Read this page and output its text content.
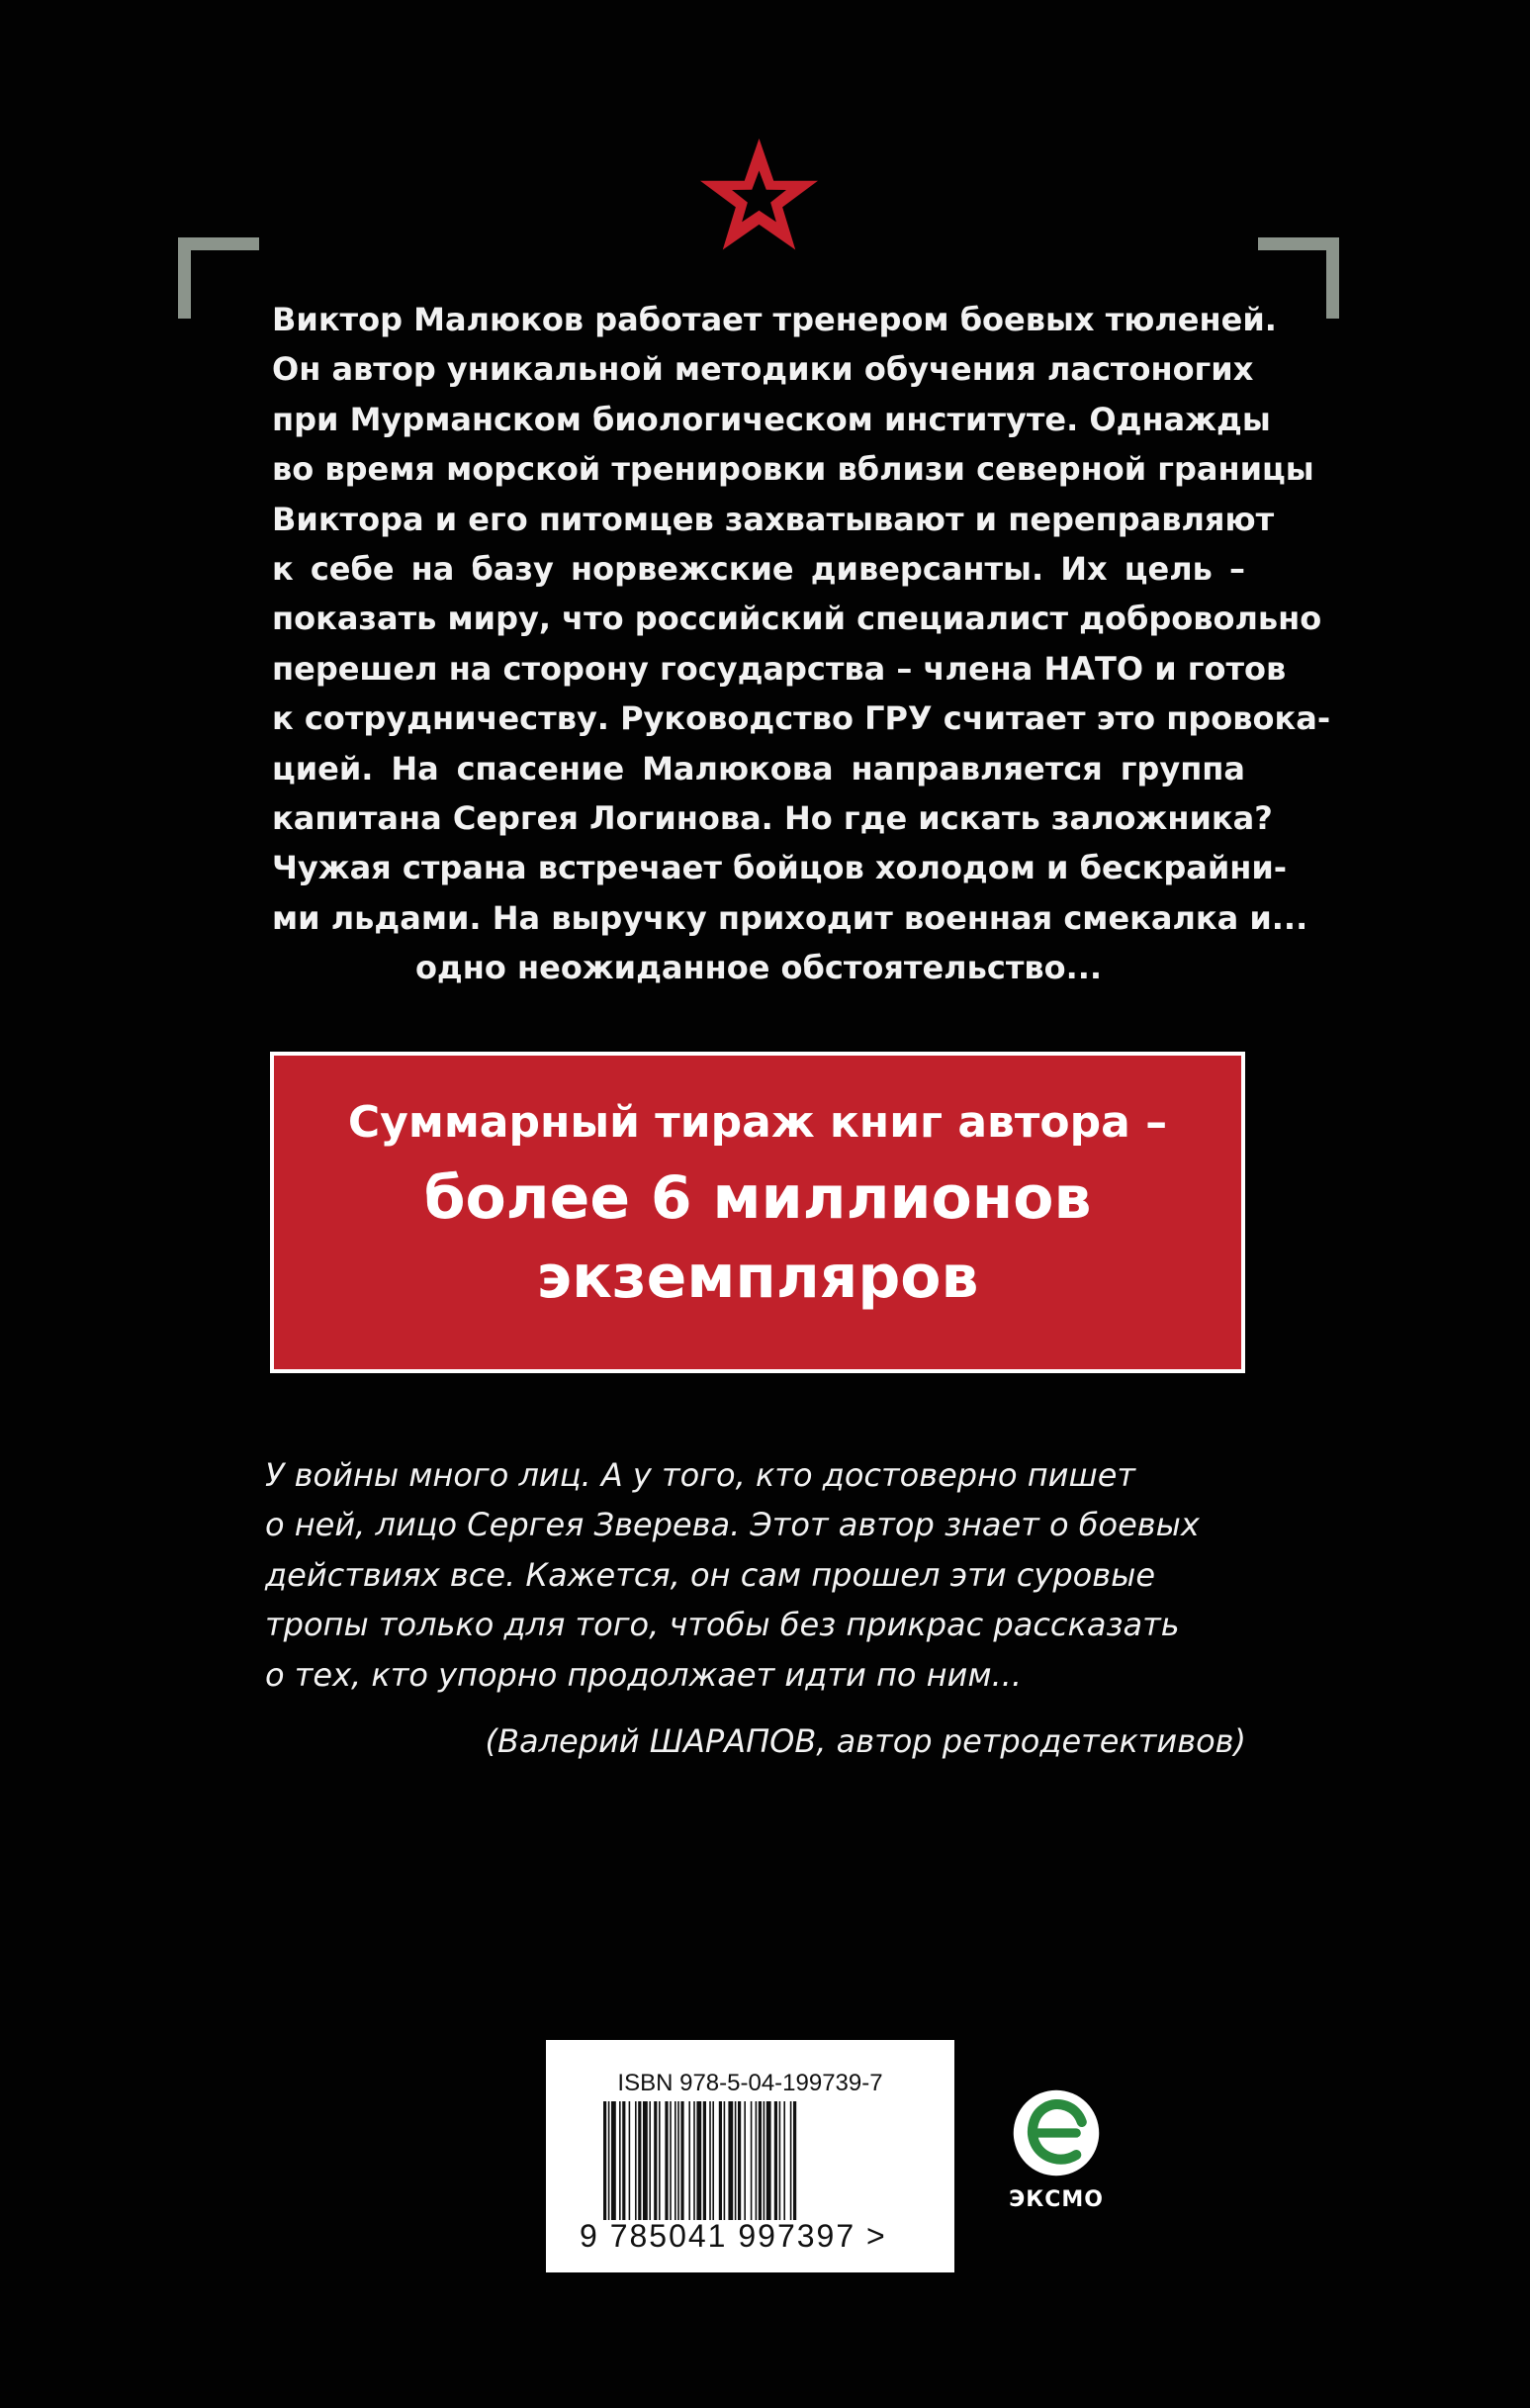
Виктор Малюков работает тренером боевых тюленей.
Он автор уникальной методики обучения ластоногих
при Мурманском биологическом институте. Однажды
во время морской тренировки вблизи северной границы
Виктора и его питомцев захватывают и переправляют
к себе на базу норвежские диверсанты. Их цель –
показать миру, что российский специалист добровольно
перешел на сторону государства – члена НАТО и готов
к сотрудничеству. Руководство ГРУ считает это провока-
цией. На спасение Малюкова направляется группа
капитана Сергея Логинова. Но где искать заложника?
Чужая страна встречает бойцов холодом и бескрайни-
ми льдами. На выручку приходит военная смекалка и...
одно неожиданное обстоятельство...
Суммарный тираж книг автора –
более 6 миллионов
экземпляров
У войны много лиц. А у того, кто достоверно пишет
о ней, лицо Сергея Зверева. Этот автор знает о боевых
действиях все. Кажется, он сам прошел эти суровые
тропы только для того, чтобы без прикрас рассказать
о тех, кто упорно продолжает идти по ним...
(Валерий ШАРАПОВ, автор ретродетективов)
ISBN 978-5-04-199739-7
9 785041 997397 >
ЭКСМО
